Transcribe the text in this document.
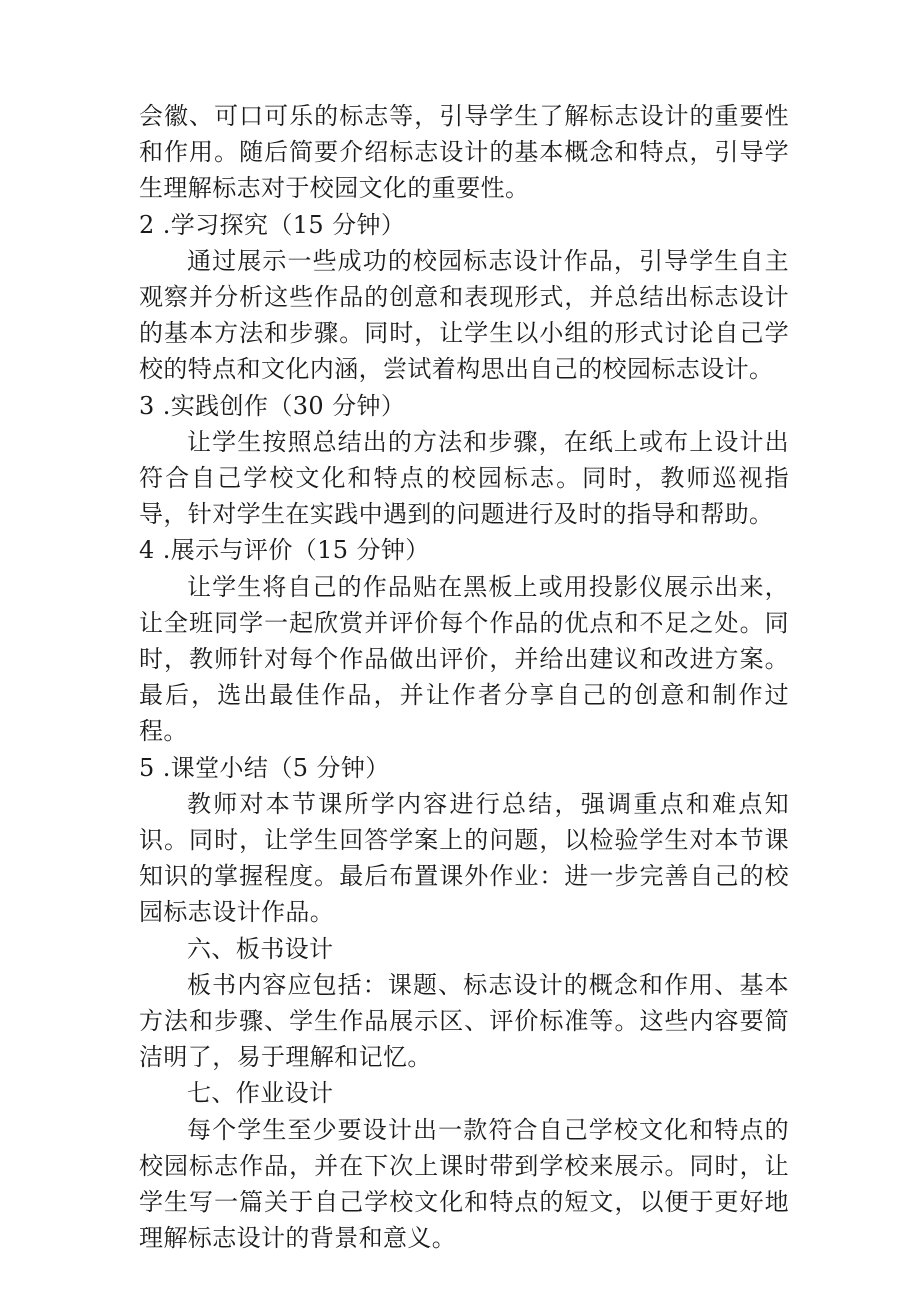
会徽、可口可乐的标志等，引导学生了解标志设计的重要性和作用。随后简要介绍标志设计的基本概念和特点，引导学生理解标志对于校园文化的重要性。

2 .学习探究（15 分钟）

通过展示一些成功的校园标志设计作品，引导学生自主观察并分析这些作品的创意和表现形式，并总结出标志设计的基本方法和步骤。同时，让学生以小组的形式讨论自己学校的特点和文化内涵，尝试着构思出自己的校园标志设计。

3 .实践创作（30 分钟）

让学生按照总结出的方法和步骤，在纸上或布上设计出符合自己学校文化和特点的校园标志。同时，教师巡视指导，针对学生在实践中遇到的问题进行及时的指导和帮助。

4 .展示与评价（15 分钟）

让学生将自己的作品贴在黑板上或用投影仪展示出来，让全班同学一起欣赏并评价每个作品的优点和不足之处。同时，教师针对每个作品做出评价，并给出建议和改进方案。最后，选出最佳作品，并让作者分享自己的创意和制作过程。

5 .课堂小结（5 分钟）

教师对本节课所学内容进行总结，强调重点和难点知识。同时，让学生回答学案上的问题，以检验学生对本节课知识的掌握程度。最后布置课外作业：进一步完善自己的校园标志设计作品。

六、板书设计

板书内容应包括：课题、标志设计的概念和作用、基本方法和步骤、学生作品展示区、评价标准等。这些内容要简洁明了，易于理解和记忆。

七、作业设计

每个学生至少要设计出一款符合自己学校文化和特点的校园标志作品，并在下次上课时带到学校来展示。同时，让学生写一篇关于自己学校文化和特点的短文，以便于更好地理解标志设计的背景和意义。
